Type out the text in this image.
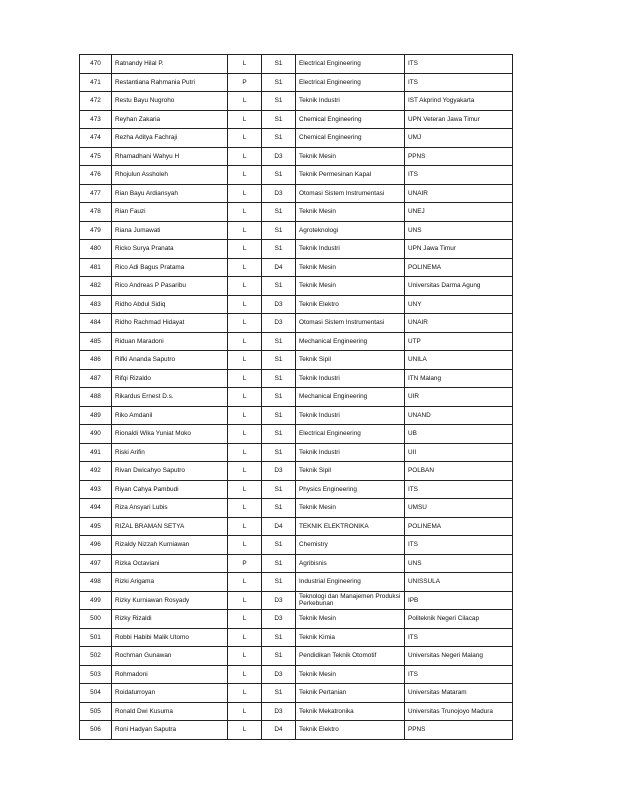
470	Ratnandy Hilal P.	L	S1	Electrical Engineering	ITS
471	Restantiana Rahmania Putri	P	S1	Electrical Engineering	ITS
472	Restu Bayu Nugroho	L	S1	Teknik Industri	IST Akprind Yogyakarta
473	Reyhan Zakaria	L	S1	Chemical Engineering	UPN Veteran Jawa Timur
474	Rezha Aditya Fachraji	L	S1	Chemical Engineering	UMJ
475	Rhamadhani Wahyu H	L	D3	Teknik Mesin	PPNS
476	Rhojulun Assholeh	L	S1	Teknik Permesinan Kapal	ITS
477	Rian Bayu Ardiansyah	L	D3	Otomasi Sistem Instrumentasi	UNAIR
478	Rian Fauzi	L	S1	Teknik Mesin	UNEJ
479	Riana Jumawati	L	S1	Agroteknologi	UNS
480	Ricko Surya Pranata	L	S1	Teknik Industri	UPN Jawa Timur
481	Rico Adi Bagus Pratama	L	D4	Teknik Mesin	POLINEMA
482	Rico Andreas P Pasaribu	L	S1	Teknik Mesin	Universitas Darma Agung
483	Ridho Abdul Sidiq	L	D3	Teknik Elektro	UNY
484	Ridho Rachmad Hidayat	L	D3	Otomasi Sistem Instrumentasi	UNAIR
485	Riduan Maradoni	L	S1	Mechanical Engineering	UTP
486	Rifki Ananda Saputro	L	S1	Teknik Sipil	UNILA
487	Rifqi Rizaldo	L	S1	Teknik Industri	ITN Malang
488	Rikardus Ernest D.s.	L	S1	Mechanical Engineering	UIR
489	Riko Amdanil	L	S1	Teknik Industri	UNAND
490	Rionaldi Wika Yuniat Moko	L	S1	Electrical Engineering	UB
491	Riski Arifin	L	S1	Teknik Industri	UII
492	Rivan Dwicahyo Saputro	L	D3	Teknik Sipil	POLBAN
493	Riyan Cahya Pambudi	L	S1	Physics Engineering	ITS
494	Riza Ansyari Lubis	L	S1	Teknik Mesin	UMSU
495	RIZAL BRAMAN SETYA	L	D4	TEKNIK ELEKTRONIKA	POLINEMA
496	Rizaldy Nizzah Kurniawan	L	S1	Chemistry	ITS
497	Rizka Octaviani	P	S1	Agribisnis	UNS
498	Rizki Arigama	L	S1	Industrial Engineering	UNISSULA
499	Rizky Kurniawan Rosyady	L	D3	Teknologi dan Manajemen Produksi Perkebunan	IPB
500	Rizky Rizaldi	L	D3	Teknik Mesin	Politeknik Negeri Cilacap
501	Robbi Habibi Malik Utomo	L	S1	Teknik Kimia	ITS
502	Rochman Gunawan	L	S1	Pendidikan Teknik Otomotif	Universitas Negeri Malang
503	Rohmadoni	L	D3	Teknik Mesin	ITS
504	Roidaturroyan	L	S1	Teknik Pertanian	Universitas Mataram
505	Ronald Dwi Kusuma	L	D3	Teknik Mekatronika	Universitas Trunojoyo Madura
506	Roni Hadyan Saputra	L	D4	Teknik Elektro	PPNS
